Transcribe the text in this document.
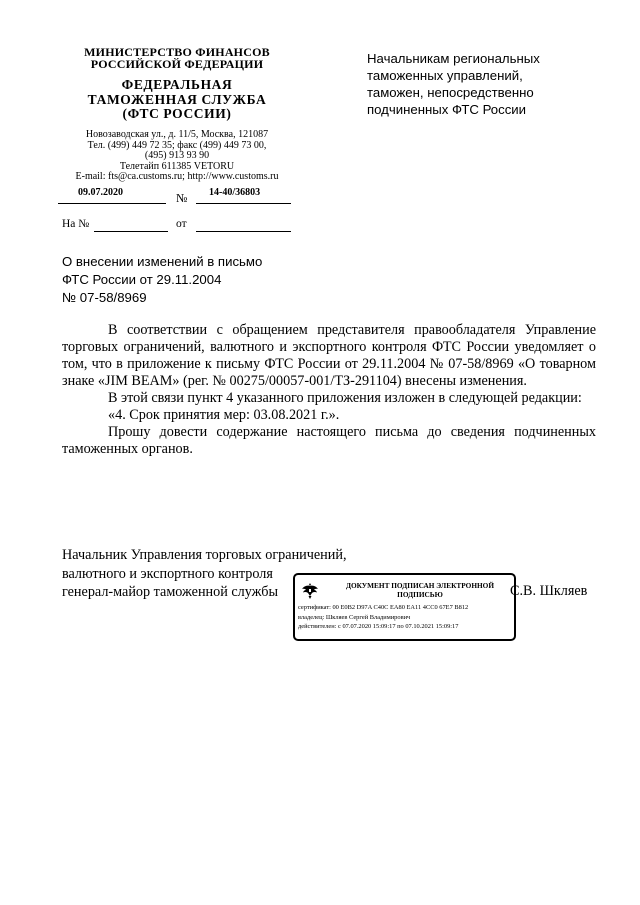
МИНИСТЕРСТВО ФИНАНСОВ
РОССИЙСКОЙ ФЕДЕРАЦИИ
ФЕДЕРАЛЬНАЯ
ТАМОЖЕННАЯ СЛУЖБА
(ФТС РОССИИ)
Новозаводская ул., д. 11/5, Москва, 121087
Тел. (499) 449 72 35; факс (499) 449 73 00,
(495) 913 93 90
Телетайп 611385 VETORU
E-mail: fts@ca.customs.ru; http://www.customs.ru
09.07.2020	№ 14-40/36803
На №	от
Начальникам региональных
таможенных управлений,
таможен, непосредственно
подчиненных ФТС России
О внесении изменений в письмо
ФТС России от 29.11.2004
№ 07-58/8969

В соответствии с обращением представителя правообладателя Управление торговых ограничений, валютного и экспортного контроля ФТС России уведомляет о том, что в приложение к письму ФТС России от 29.11.2004 № 07-58/8969 «О товарном знаке «JIM BEAM» (рег. № 00275/00057-001/ТЗ-291104) внесены изменения.

В этой связи пункт 4 указанного приложения изложен в следующей редакции:

«4. Срок принятия мер: 03.08.2021 г.».

Прошу довести содержание настоящего письма до сведения подчиненных таможенных органов.

Начальник Управления торговых ограничений,
валютного и экспортного контроля
генерал-майор таможенной службы	С.В. Шкляев
ДОКУМЕНТ ПОДПИСАН ЭЛЕКТРОННОЙ
ПОДПИСЬЮ
сертификат: 00 E0B2 D97A C40C EA80 EA11 4CC0 67E7 B812
владелец: Шкляев Сергей Владимирович
действителен: с 07.07.2020 15:09:17 по 07.10.2021 15:09:17
